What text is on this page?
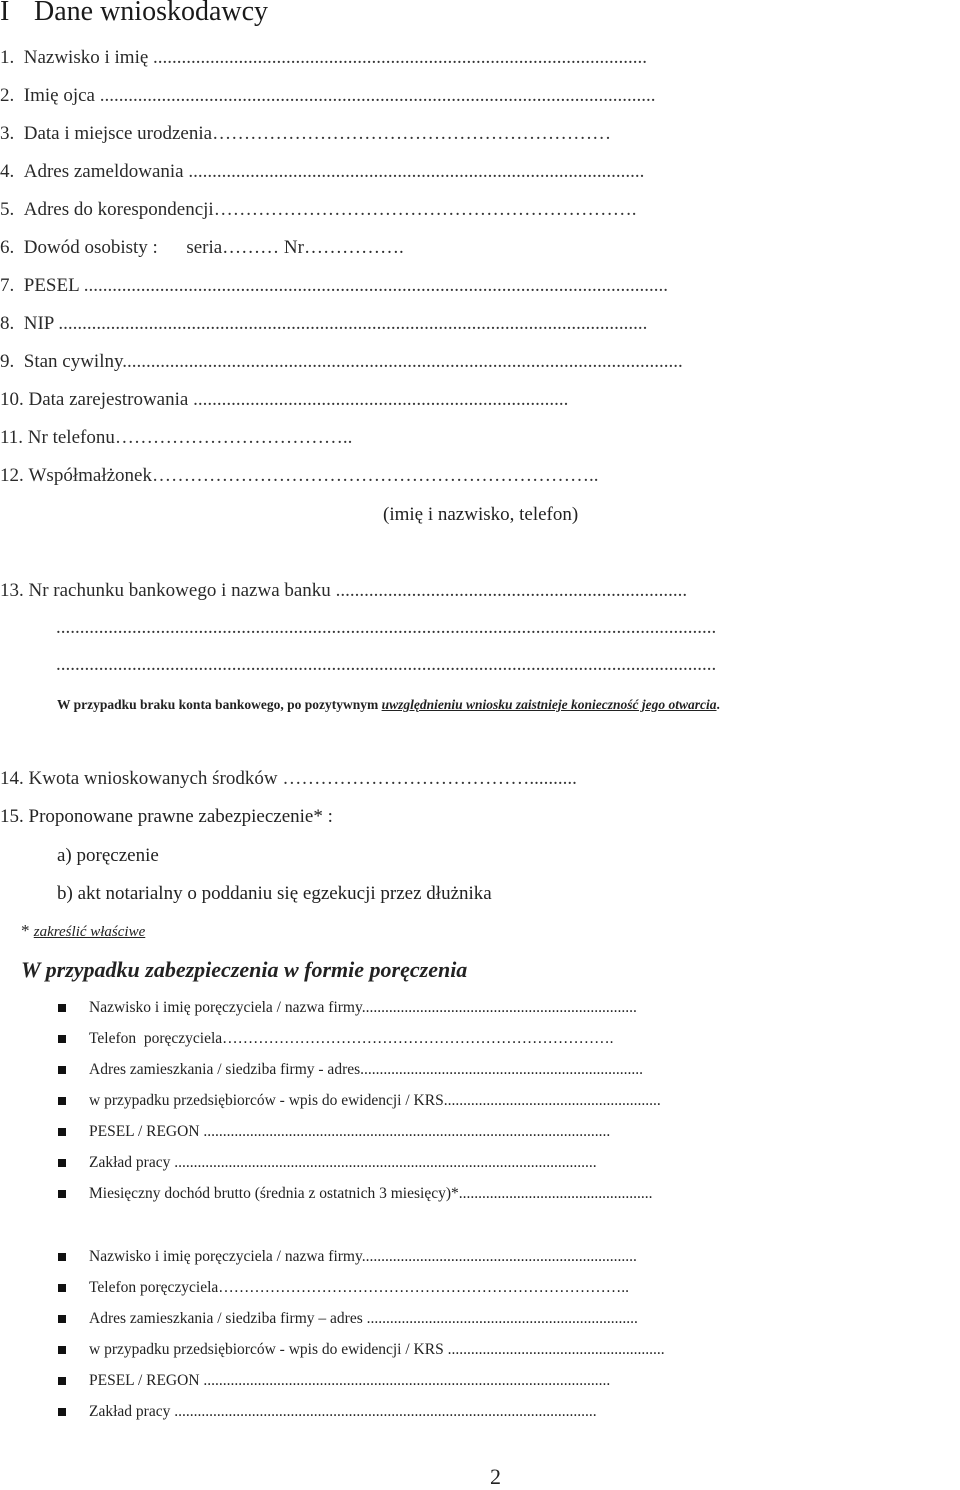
I Dane wnioskodawcy
1.  Nazwisko i imię ........................................................................................................
2.  Imię ojca .....................................................................................................................
3.  Data i miejsce urodzenia………………………………………………………
4.  Adres zameldowania ................................................................................................
5.  Adres do korespondencji………………………………………………………….
6.  Dowód osobisty :      seria……… Nr…………….
7.  PESEL ...........................................................................................................................
8.  NIP ............................................................................................................................
9.  Stan cywilny......................................................................................................................
10. Data zarejestrowania ...............................................................................
11. Nr telefonu………………………………..
12. Współmałżonek……………………………………………………………..
(imię i nazwisko, telefon)
13. Nr rachunku bankowego i nazwa banku ..........................................................................
...........................................................................................................................................
...........................................................................................................................................
W przypadku braku konta bankowego, po pozytywnym uwzględnieniu wniosku zaistnieje konieczność jego otwarcia.
14. Kwota wnioskowanych środków …………………………………..........
15. Proponowane prawne zabezpieczenie* :
a) poręczenie
b) akt notarialny o poddaniu się egzekucji przez dłużnika
* zakreślić właściwe
W przypadku zabezpieczenia w formie poręczenia
Nazwisko i imię poręczyciela / nazwa firmy.......................................................................
Telefon  poręczyciela………………………………………………………………….
Adres zamieszkania / siedziba firmy - adres.........................................................................
w przypadku przedsiębiorców - wpis do ewidencji / KRS........................................................
PESEL / REGON .........................................................................................................
Zakład pracy .............................................................................................................
Miesięczny dochód brutto (średnia z ostatnich 3 miesięcy)*..................................................
Nazwisko i imię poręczyciela / nazwa firmy.......................................................................
Telefon poręczyciela……………………………………………………………………..
Adres zamieszkania / siedziba firmy – adres ......................................................................
w przypadku przedsiębiorców - wpis do ewidencji / KRS ........................................................
PESEL / REGON .........................................................................................................
Zakład pracy .............................................................................................................
2
